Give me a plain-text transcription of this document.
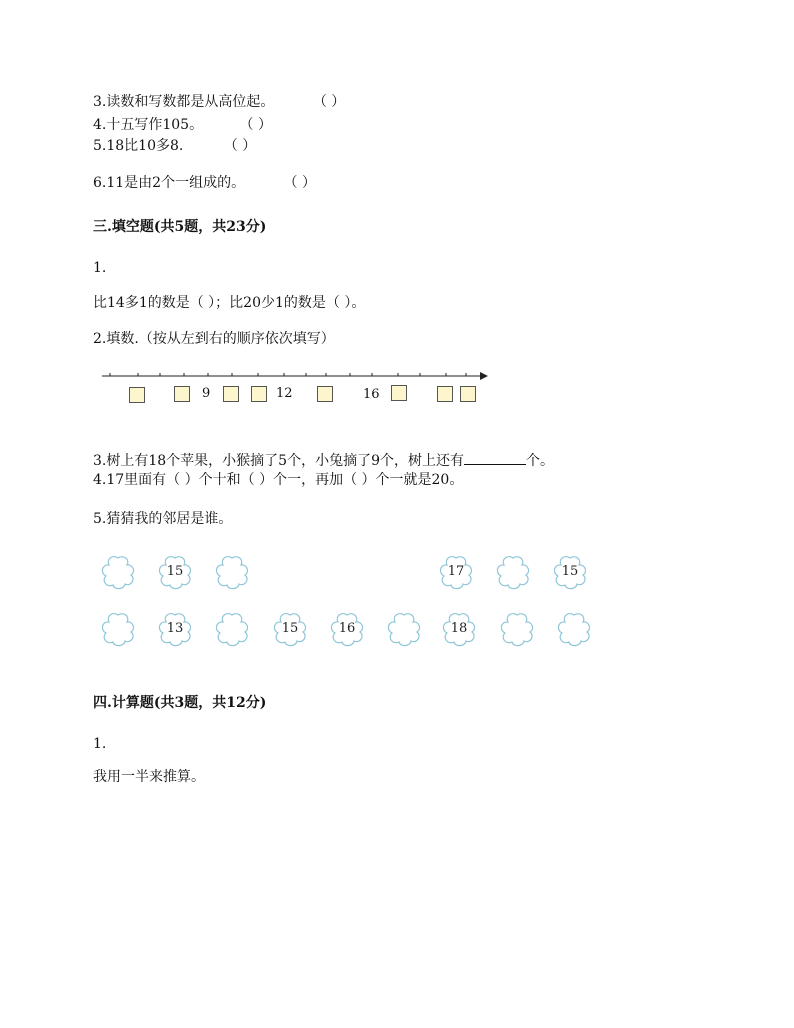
3.读数和写数都是从高位起。	（ ）
4.十五写作105。	（ ）
5.18比10多8.	（ ）
6.11是由2个一组成的。	（ ）
三.填空题(共5题，共23分)
1.
比14多1的数是（ ）；比20少1的数是（ ）。
2.填数.（按从左到右的顺序依次填写）
9	12	16
3.树上有18个苹果，小猴摘了5个，小兔摘了9个，树上还有	个。
4.17里面有（ ）个十和（ ）个一，再加（ ）个一就是20。
5.猜猜我的邻居是谁。
15	17	15
13	15	16	18
四.计算题(共3题，共12分)
1.
我用一半来推算。
